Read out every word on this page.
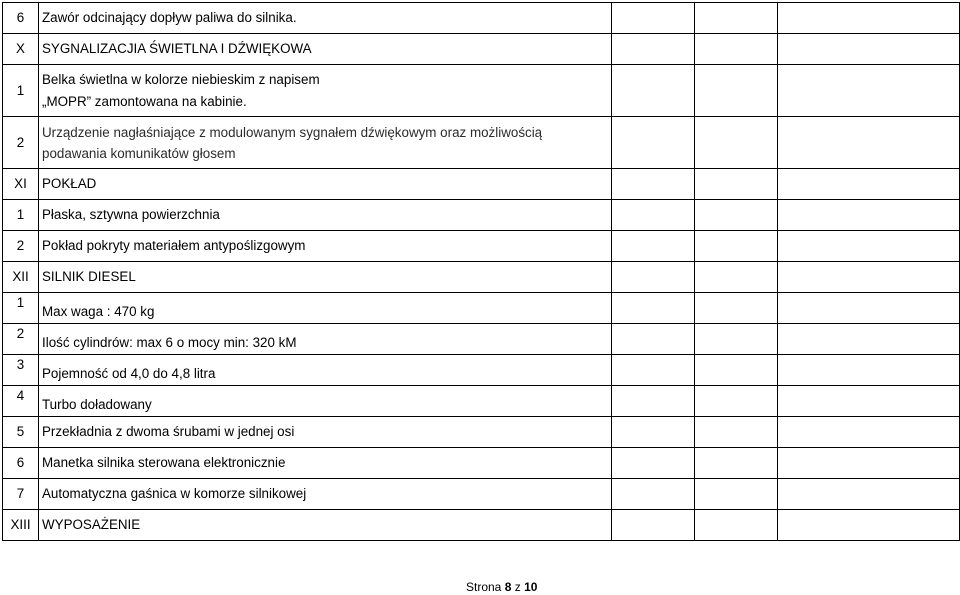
6	Zawór odcinający dopływ paliwa do silnika.			
X	SYGNALIZACJIA ŚWIETLNA I DŹWIĘKOWA			
1	Belka świetlna w kolorze niebieskim z napisem
„MOPR” zamontowana na kabinie.			

2	Urządzenie nagłaśniające z modulowanym sygnałem dźwiękowym oraz możliwością
podawania komunikatów głosem			

XI	POKŁAD			
1	Płaska, sztywna powierzchnia			
2	Pokład pokryty materiałem antypoślizgowym			
XII	SILNIK DIESEL			
1	Max waga : 470 kg			
2	Ilość cylindrów: max 6 o mocy min: 320 kM			
3	Pojemność od 4,0 do 4,8 litra			
4	Turbo doładowany			
5	Przekładnia z dwoma śrubami w jednej osi			
6	Manetka silnika sterowana elektronicznie			
7	Automatyczna gaśnica w komorze silnikowej			
XIII	WYPOSAŻENIE			
Strona 8 z 10
